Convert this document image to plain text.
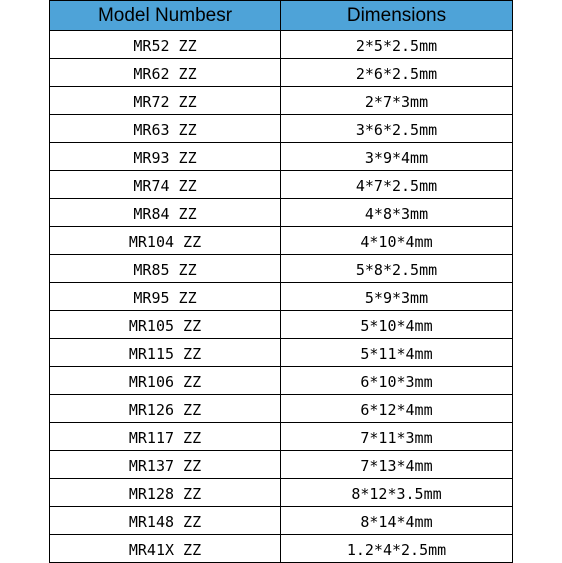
Model Numbesr	Dimensions
MR52 ZZ	2*5*2.5mm
MR62 ZZ	2*6*2.5mm
MR72 ZZ	2*7*3mm
MR63 ZZ	3*6*2.5mm
MR93 ZZ	3*9*4mm
MR74 ZZ	4*7*2.5mm
MR84 ZZ	4*8*3mm
MR104 ZZ	4*10*4mm
MR85 ZZ	5*8*2.5mm
MR95 ZZ	5*9*3mm
MR105 ZZ	5*10*4mm
MR115 ZZ	5*11*4mm
MR106 ZZ	6*10*3mm
MR126 ZZ	6*12*4mm
MR117 ZZ	7*11*3mm
MR137 ZZ	7*13*4mm
MR128 ZZ	8*12*3.5mm
MR148 ZZ	8*14*4mm
MR41X ZZ	1.2*4*2.5mm
